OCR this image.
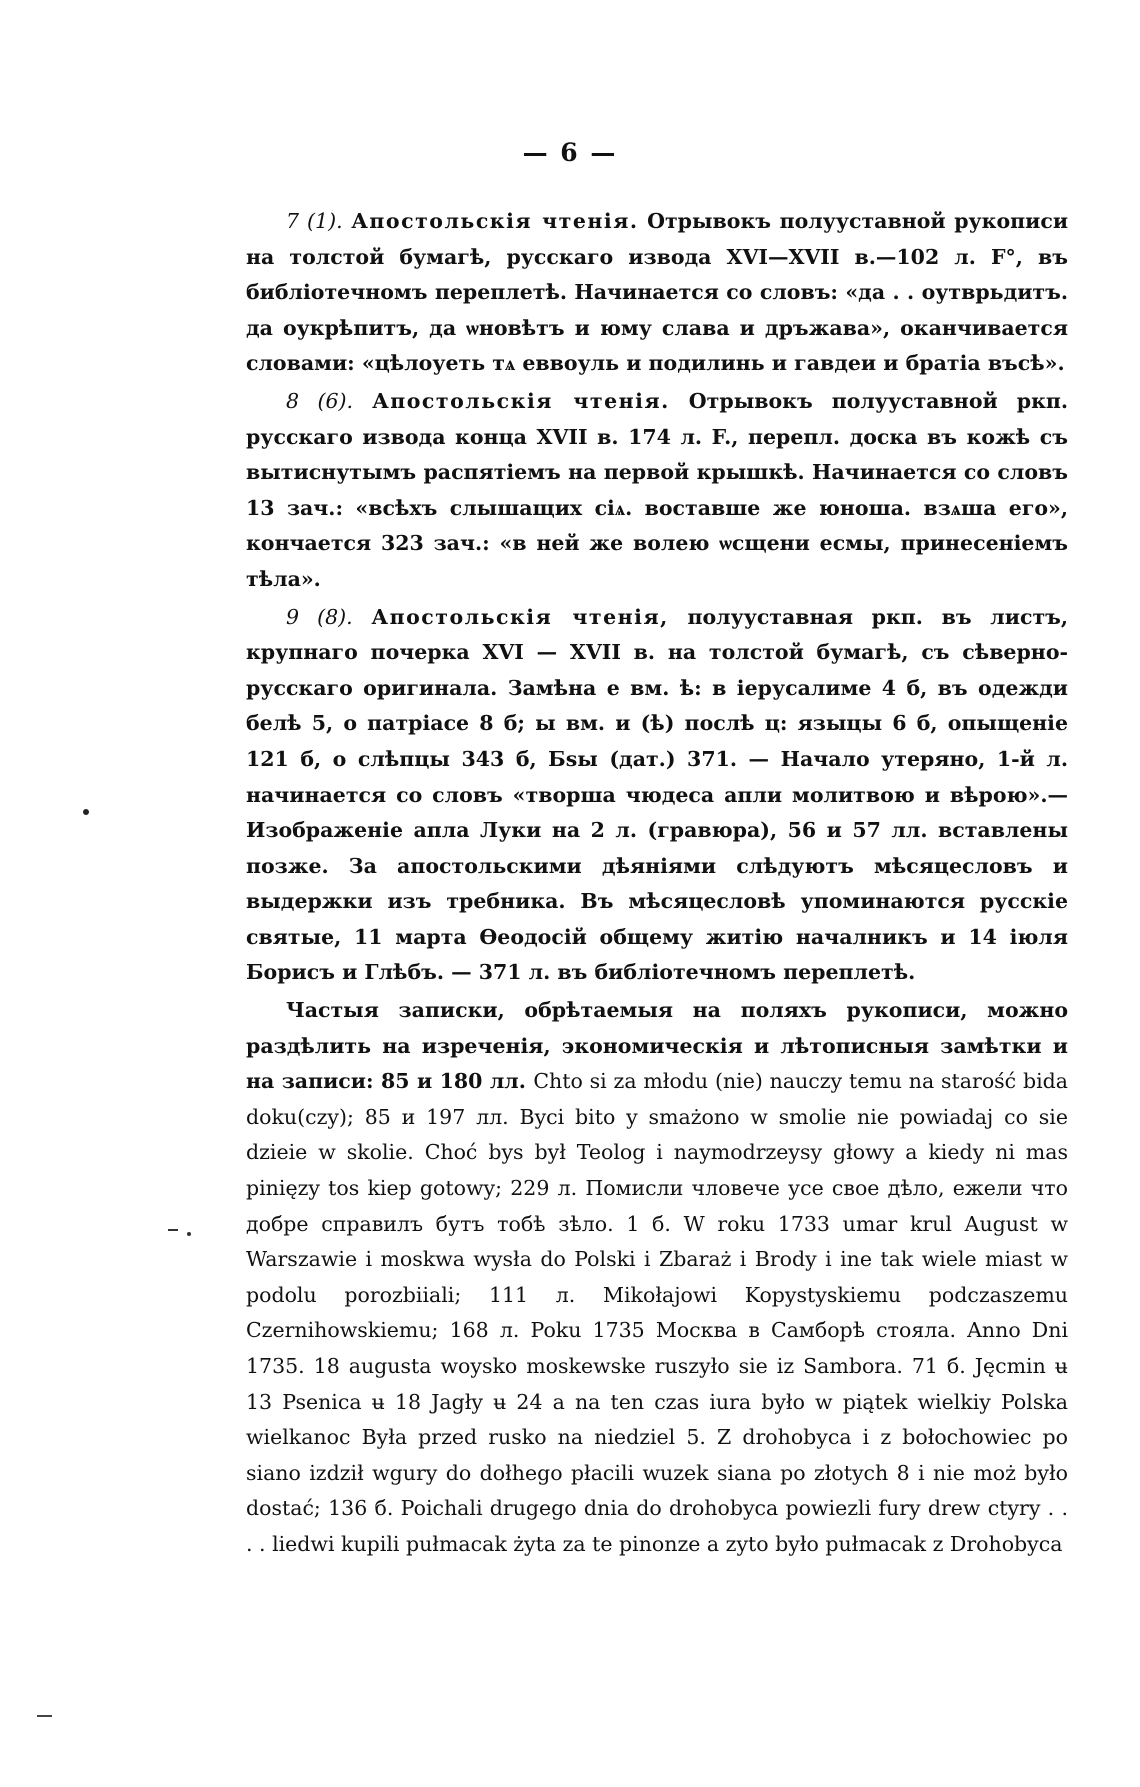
— 6 —

7 (1). Апостольскія чтенія. Отрывокъ полууставной рукописи на толстой бумагѣ, русскаго извода XVI—XVII в.—102 л. F°, въ библіотечномъ переплетѣ. Начинается со словъ: «да . . оутврьдитъ. да оукрѣпитъ, да ѡновѣтъ и юму слава и дръжава», оканчивается словами: «цѣлоуеть тѧ еввоуль и подилинь и гавдеи и братіа въсѣ».

8 (6). Апостольскія чтенія. Отрывокъ полууставной ркп. русскаго извода конца XVII в. 174 л. F., перепл. доска въ кожѣ съ вытиснутымъ распятіемъ на первой крышкѣ. Начинается со словъ 13 зач.: «всѣхъ слышащих сіѧ. воставше же юноша. взѧша его», кончается 323 зач.: «в ней же волею ѡсщени есмы, принесеніемъ тѣла».

9 (8). Апостольскія чтенія, полууставная ркп. въ листъ, крупнаго почерка XVI — XVII в. на толстой бумагѣ, съ сѣверно-русскаго оригинала. Замѣна е вм. ѣ: в іерусалиме 4 б, въ одежди белѣ 5, о патріасе 8 б; ы вм. и (ѣ) послѣ ц: языцы 6 б, опыщеніе 121 б, о слѣпцы 343 б, Бѕы (дат.) 371. — Начало утеряно, 1-й л. начинается со словъ «творша чюдеса апли молитвою и вѣрою».— Изображеніе апла Луки на 2 л. (гравюра), 56 и 57 лл. вставлены позже. За апостольскими дѣяніями слѣдуютъ мѣсяцесловъ и выдержки изъ требника. Въ мѣсяцесловѣ упоминаются русскіе святые, 11 марта Ѳеодосій общему житію началникъ и 14 іюля Борисъ и Глѣбъ. — 371 л. въ библіотечномъ переплетѣ.

Частыя записки, обрѣтаемыя на поляхъ рукописи, можно раздѣлить на изреченія, экономическія и лѣтописныя замѣтки и на записи: 85 и 180 лл. Chto si za młodu (nie) nauczy temu na starość bida doku(czy); 85 и 197 лл. Byci bito y smażono w smolie nie powiadaj co sie dzieie w skolie. Choć bys był Teolog i naymodrzeysy głowy a kiedy ni mas pinięzy tos kiep gotowy; 229 л. Помисли чловече усе свое дѣло, ежели что добре справилъ бутъ тобѣ зѣло. 1 б. W roku 1733 umar krul August w Warszawie i moskwa wysła do Polski i Zbaraż i Brody i ine tak wiele miast w podolu porozbiiali; 111 л. Mikołajowi Kopystyskiemu podczaszemu Czernihowskiemu; 168 л. Poku 1735 Москва в Самборѣ стояла. Anno Dni 1735. 18 augusta woysko moskewske ruszyło sie iz Sambora. 71 б. Jęcmin ʉ 13 Psenica ʉ 18 Jagły ʉ 24 a na ten czas iura było w piątek wielkiy Polska wielkanoc Była przed rusko na niedziel 5. Z drohobyca i z bołochowiec po siano izdził wgury do dołhego płacili wuzek siana po złotych 8 i nie moż było dostać; 136 б. Poichali drugego dnia do drohobyca powiezli fury drew ctyry . . . . liedwi kupili pułmacak żyta za te pinonze a zyto było pułmacak z Drohobyca
